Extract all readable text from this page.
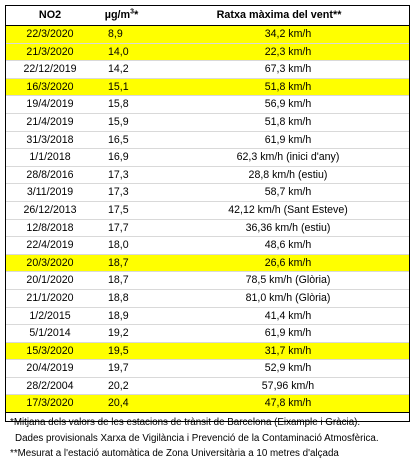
NO2	$\mu g/m^3*$	Ratxa màxima del vent**
22/3/2020	8,9	34,2 km/h
21/3/2020	14,0	22,3 km/h
22/12/2019	14,2	67,3 km/h
16/3/2020	15,1	51,8 km/h
19/4/2019	15,8	56,9 km/h
21/4/2019	15,9	51,8 km/h
31/3/2018	16,5	61,9 km/h
1/1/2018	16,9	62,3 km/h (inici d'any)
28/8/2016	17,3	28,8 km/h (estiu)
3/11/2019	17,3	58,7 km/h
26/12/2013	17,5	42,12 km/h (Sant Esteve)
12/8/2018	17,7	36,36 km/h (estiu)
22/4/2019	18,0	48,6 km/h
20/3/2020	18,7	26,6 km/h
20/1/2020	18,7	78,5 km/h (Glòria)
21/1/2020	18,8	81,0 km/h (Glòria)
1/2/2015	18,9	41,4 km/h
5/1/2014	19,2	61,9 km/h
15/3/2020	19,5	31,7 km/h
20/4/2019	19,7	52,9 km/h
28/2/2004	20,2	57,96 km/h
17/3/2020	20,4	47,8 km/h
*Mitjana dels valors de les estacions de trànsit de Barcelona (Eixample i Gràcia).
Dades provisionals Xarxa de Vigilància i Prevenció de la Contaminació Atmosfèrica.
**Mesurat a l'estació automàtica de Zona Universitària a 10 metres d'alçada
